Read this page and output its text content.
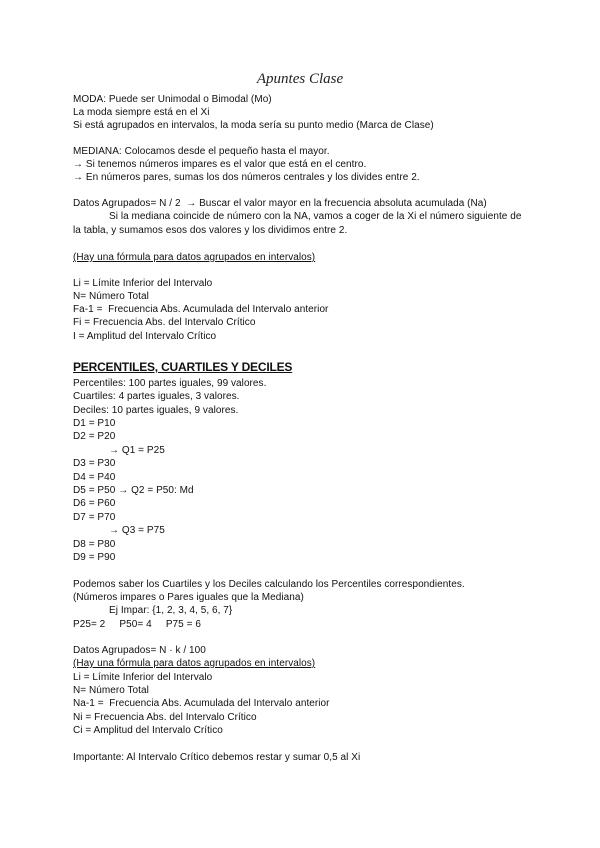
Apuntes Clase
MODA: Puede ser Unimodal o Bimodal (Mo)
La moda siempre está en el Xi
Si está agrupados en intervalos, la moda sería su punto medio (Marca de Clase)
MEDIANA: Colocamos desde el pequeño hasta el mayor.
→ Si tenemos números impares es el valor que está en el centro.
→ En números pares, sumas los dos números centrales y los divides entre 2.
Datos Agrupados= N / 2  → Buscar el valor mayor en la frecuencia absoluta acumulada (Na)
Si la mediana coincide de número con la NA, vamos a coger de la Xi el número siguiente de
la tabla, y sumamos esos dos valores y los dividimos entre 2.
(Hay una fórmula para datos agrupados en intervalos)
Li = Límite Inferior del Intervalo
N= Número Total
Fa-1 =  Frecuencia Abs. Acumulada del Intervalo anterior
Fi = Frecuencia Abs. del Intervalo Crítico
I = Amplitud del Intervalo Crítico
PERCENTILES, CUARTILES Y DECILES
Percentiles: 100 partes iguales, 99 valores.
Cuartiles: 4 partes iguales, 3 valores.
Deciles: 10 partes iguales, 9 valores.
D1 = P10
D2 = P20
→ Q1 = P25
D3 = P30
D4 = P40
D5 = P50 → Q2 = P50: Md
D6 = P60
D7 = P70
→ Q3 = P75
D8 = P80
D9 = P90
Podemos saber los Cuartiles y los Deciles calculando los Percentiles correspondientes.
(Números impares o Pares iguales que la Mediana)
Ej Impar: {1, 2, 3, 4, 5, 6, 7}
P25= 2     P50= 4     P75 = 6
Datos Agrupados= N · k / 100
(Hay una fórmula para datos agrupados en intervalos)
Li = Límite Inferior del Intervalo
N= Número Total
Na-1 =  Frecuencia Abs. Acumulada del Intervalo anterior
Ni = Frecuencia Abs. del Intervalo Crítico
Ci = Amplitud del Intervalo Crítico
Importante: Al Intervalo Crítico debemos restar y sumar 0,5 al Xi
